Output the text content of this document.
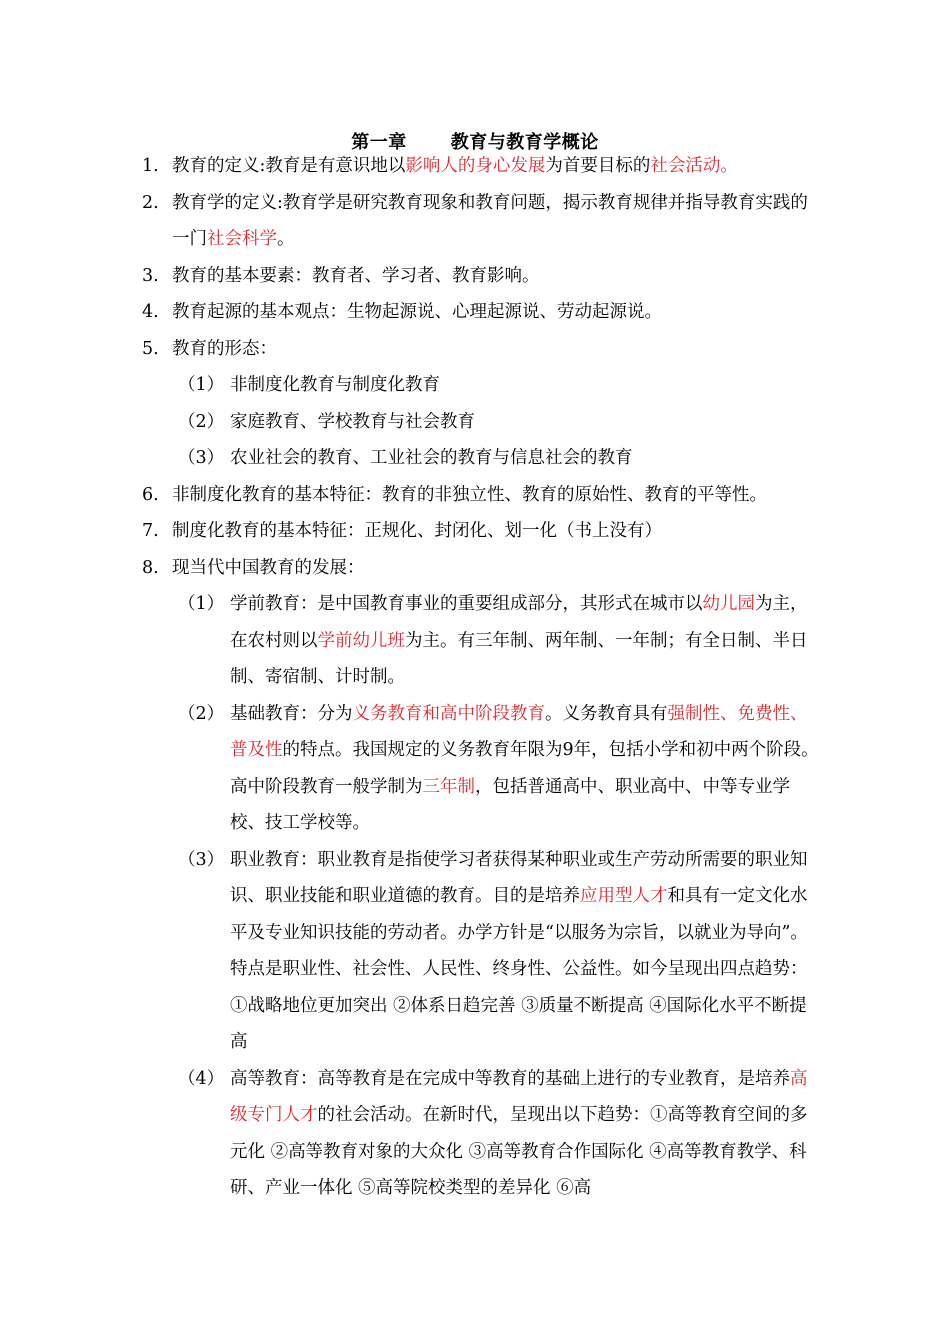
第一章 教育与教育学概论
1. 教育的定义:教育是有意识地以影响人的身心发展为首要目标的社会活动。
2. 教育学的定义:教育学是研究教育现象和教育问题，揭示教育规律并指导教育实践的一门社会科学。
3. 教育的基本要素：教育者、学习者、教育影响。
4. 教育起源的基本观点：生物起源说、心理起源说、劳动起源说。
5. 教育的形态：
（1） 非制度化教育与制度化教育
（2） 家庭教育、学校教育与社会教育
（3） 农业社会的教育、工业社会的教育与信息社会的教育
6. 非制度化教育的基本特征：教育的非独立性、教育的原始性、教育的平等性。
7. 制度化教育的基本特征：正规化、封闭化、划一化（书上没有）
8. 现当代中国教育的发展：
（1） 学前教育：是中国教育事业的重要组成部分，其形式在城市以幼儿园为主，在农村则以学前幼儿班为主。有三年制、两年制、一年制；有全日制、半日制、寄宿制、计时制。
（2） 基础教育：分为义务教育和高中阶段教育。义务教育具有强制性、免费性、普及性的特点。我国规定的义务教育年限为9年，包括小学和初中两个阶段。高中阶段教育一般学制为三年制，包括普通高中、职业高中、中等专业学校、技工学校等。
（3） 职业教育：职业教育是指使学习者获得某种职业或生产劳动所需要的职业知识、职业技能和职业道德的教育。目的是培养应用型人才和具有一定文化水平及专业知识技能的劳动者。办学方针是“以服务为宗旨，以就业为导向”。特点是职业性、社会性、人民性、终身性、公益性。如今呈现出四点趋势：①战略地位更加突出 ②体系日趋完善 ③质量不断提高 ④国际化水平不断提高
（4） 高等教育：高等教育是在完成中等教育的基础上进行的专业教育，是培养高级专门人才的社会活动。在新时代，呈现出以下趋势：①高等教育空间的多元化 ②高等教育对象的大众化 ③高等教育合作国际化 ④高等教育教学、科研、产业一体化 ⑤高等院校类型的差异化 ⑥高
